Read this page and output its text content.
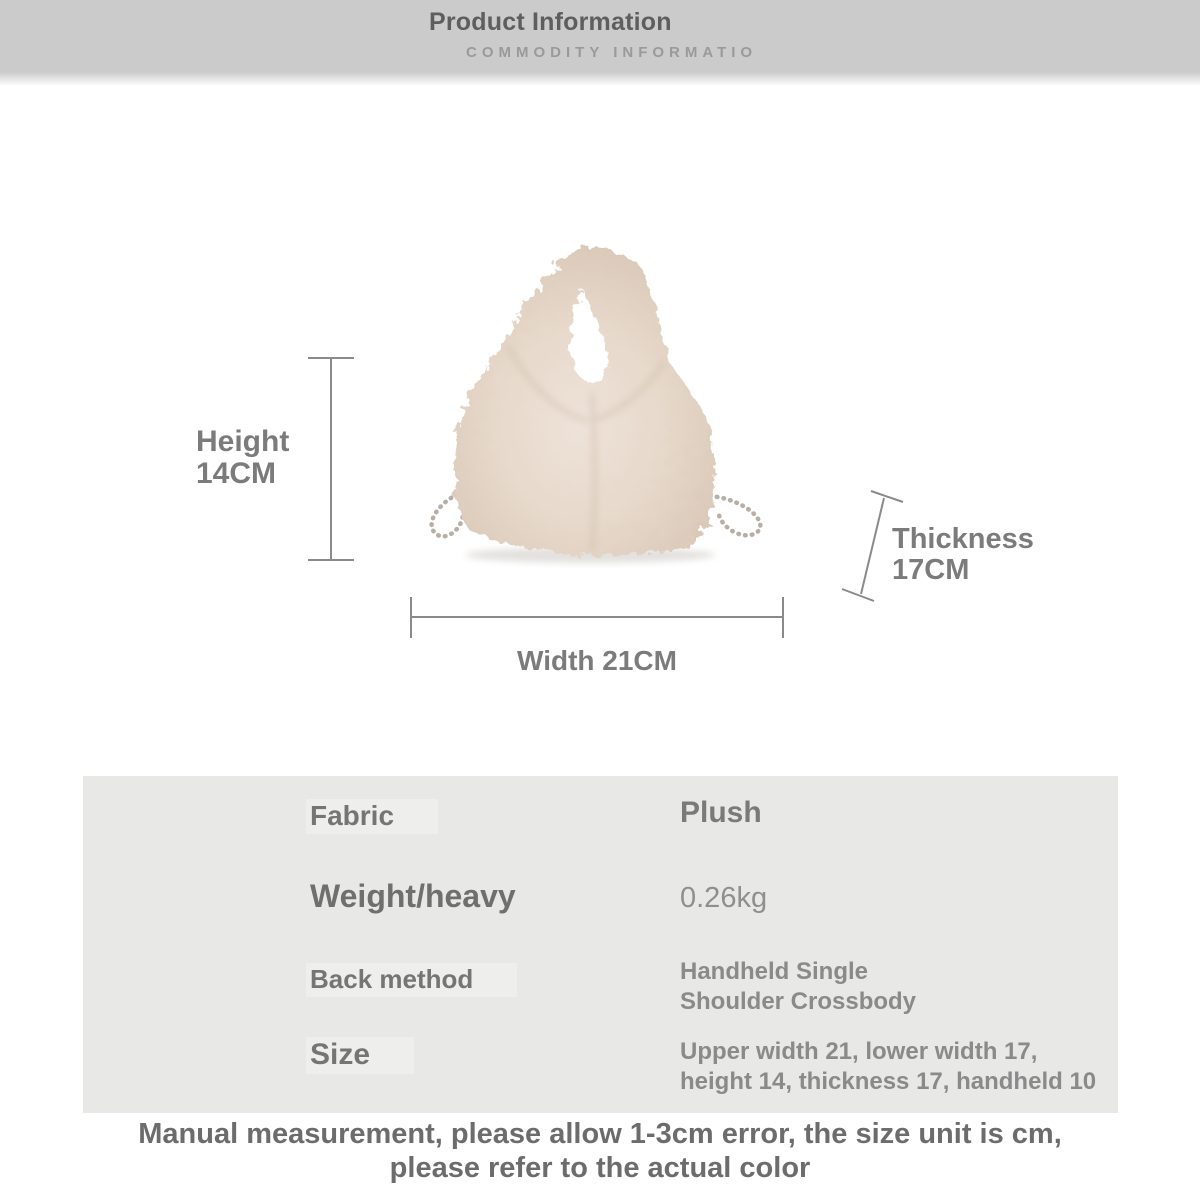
Product Information
COMMODITY INFORMATIO
Height
14CM
Thickness
17CM
Width 21CM
Fabric	Plush
Weight/heavy	0.26kg
Back method	Handheld Single
Shoulder Crossbody
Size	Upper width 21, lower width 17,
height 14, thickness 17, handheld 10
Manual measurement, please allow 1-3cm error, the size unit is cm,
please refer to the actual color
